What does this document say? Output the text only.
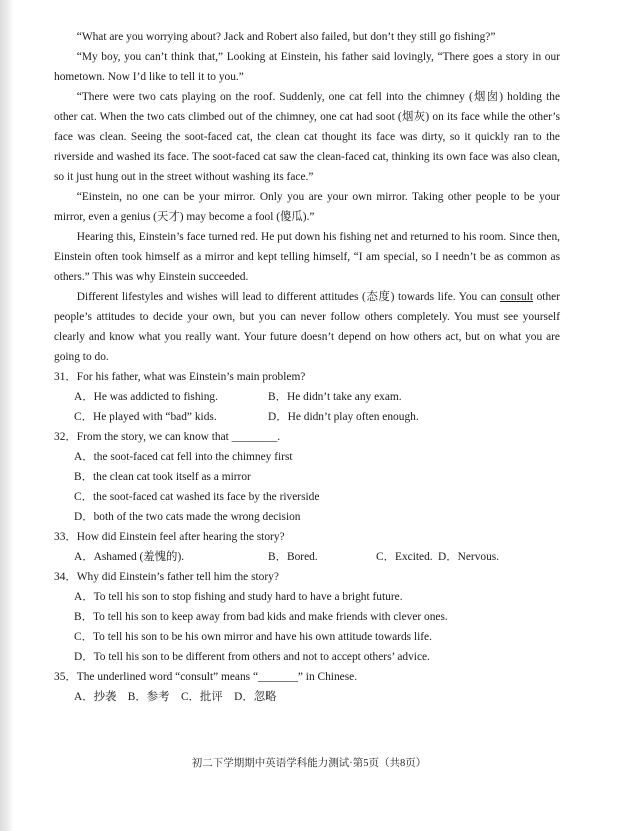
“What are you worrying about? Jack and Robert also failed, but don’t they still go fishing?”

“My boy, you can’t think that,” Looking at Einstein, his father said lovingly, “There goes a story in our hometown. Now I’d like to tell it to you.”

“There were two cats playing on the roof. Suddenly, one cat fell into the chimney (烟囱) holding the other cat. When the two cats climbed out of the chimney, one cat had soot (烟灰) on its face while the other’s face was clean. Seeing the soot-faced cat, the clean cat thought its face was dirty, so it quickly ran to the riverside and washed its face. The soot-faced cat saw the clean-faced cat, thinking its own face was also clean, so it just hung out in the street without washing its face.”

“Einstein, no one can be your mirror. Only you are your own mirror. Taking other people to be your mirror, even a genius (天才) may become a fool (傻瓜).”

Hearing this, Einstein’s face turned red. He put down his fishing net and returned to his room. Since then, Einstein often took himself as a mirror and kept telling himself, “I am special, so I needn’t be as common as others.” This was why Einstein succeeded.

Different lifestyles and wishes will lead to different attitudes (态度) towards life. You can consult other people’s attitudes to decide your own, but you can never follow others completely. You must see yourself clearly and know what you really want. Your future doesn’t depend on how others act, but on what you are going to do.

31．For his father, what was Einstein’s main problem?

A．He was addicted to fishing.	B．He didn’t take any exam.
C．He played with “bad” kids.	D．He didn’t play often enough.

32．From the story, we can know that ________.

A．the soot-faced cat fell into the chimney first

B．the clean cat took itself as a mirror

C．the soot-faced cat washed its face by the riverside

D．both of the two cats made the wrong decision

33．How did Einstein feel after hearing the story?

A．Ashamed (羞愧的).	B．Bored.	C．Excited. D．Nervous.

34．Why did Einstein’s father tell him the story?

A．To tell his son to stop fishing and study hard to have a bright future.

B．To tell his son to keep away from bad kids and make friends with clever ones.

C．To tell his son to be his own mirror and have his own attitude towards life.

D．To tell his son to be different from others and not to accept others’ advice.

35．The underlined word “consult” means “_______” in Chinese.

A．抄袭　B．参考　C．批评　D．忽略

初二下学期期中英语学科能力测试·第5页（共8页）
